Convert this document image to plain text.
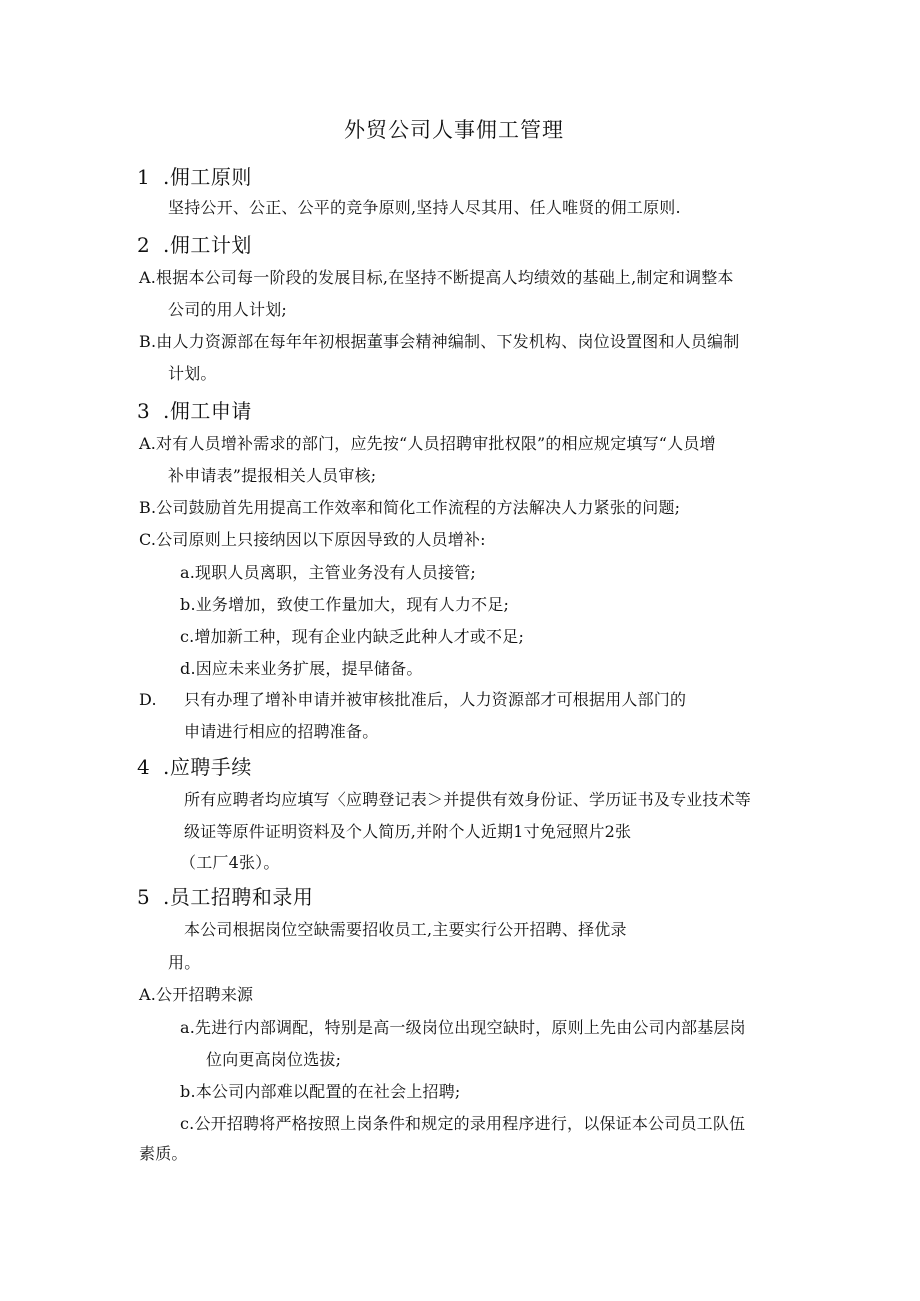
外贸公司人事佣工管理
1 .佣工原则
坚持公开、公正、公平的竞争原则,坚持人尽其用、任人唯贤的佣工原则.
2 .佣工计划
A.根据本公司每一阶段的发展目标,在坚持不断提高人均绩效的基础上,制定和调整本
公司的用人计划;
B.由人力资源部在每年年初根据董事会精神编制、下发机构、岗位设置图和人员编制
计划。
3 .佣工申请
A.对有人员增补需求的部门，应先按“人员招聘审批权限”的相应规定填写“人员增
补申请表”提报相关人员审核;
B.公司鼓励首先用提高工作效率和简化工作流程的方法解决人力紧张的问题;
C.公司原则上只接纳因以下原因导致的人员增补:
a.现职人员离职，主管业务没有人员接管;
b.业务增加，致使工作量加大，现有人力不足;
c.增加新工种，现有企业内缺乏此种人才或不足;
d.因应未来业务扩展，提早储备。
D. 只有办理了增补申请并被审核批准后，人力资源部才可根据用人部门的
申请进行相应的招聘准备。
4 .应聘手续
所有应聘者均应填写〈应聘登记表＞并提供有效身份证、学历证书及专业技术等
级证等原件证明资料及个人简历,并附个人近期1寸免冠照片2张
（工厂4张）。
5 .员工招聘和录用
本公司根据岗位空缺需要招收员工,主要实行公开招聘、择优录
用。
A.公开招聘来源
a.先进行内部调配，特别是高一级岗位出现空缺时，原则上先由公司内部基层岗
位向更高岗位选拔;
b.本公司内部难以配置的在社会上招聘;
c.公开招聘将严格按照上岗条件和规定的录用程序进行，以保证本公司员工队伍
素质。
